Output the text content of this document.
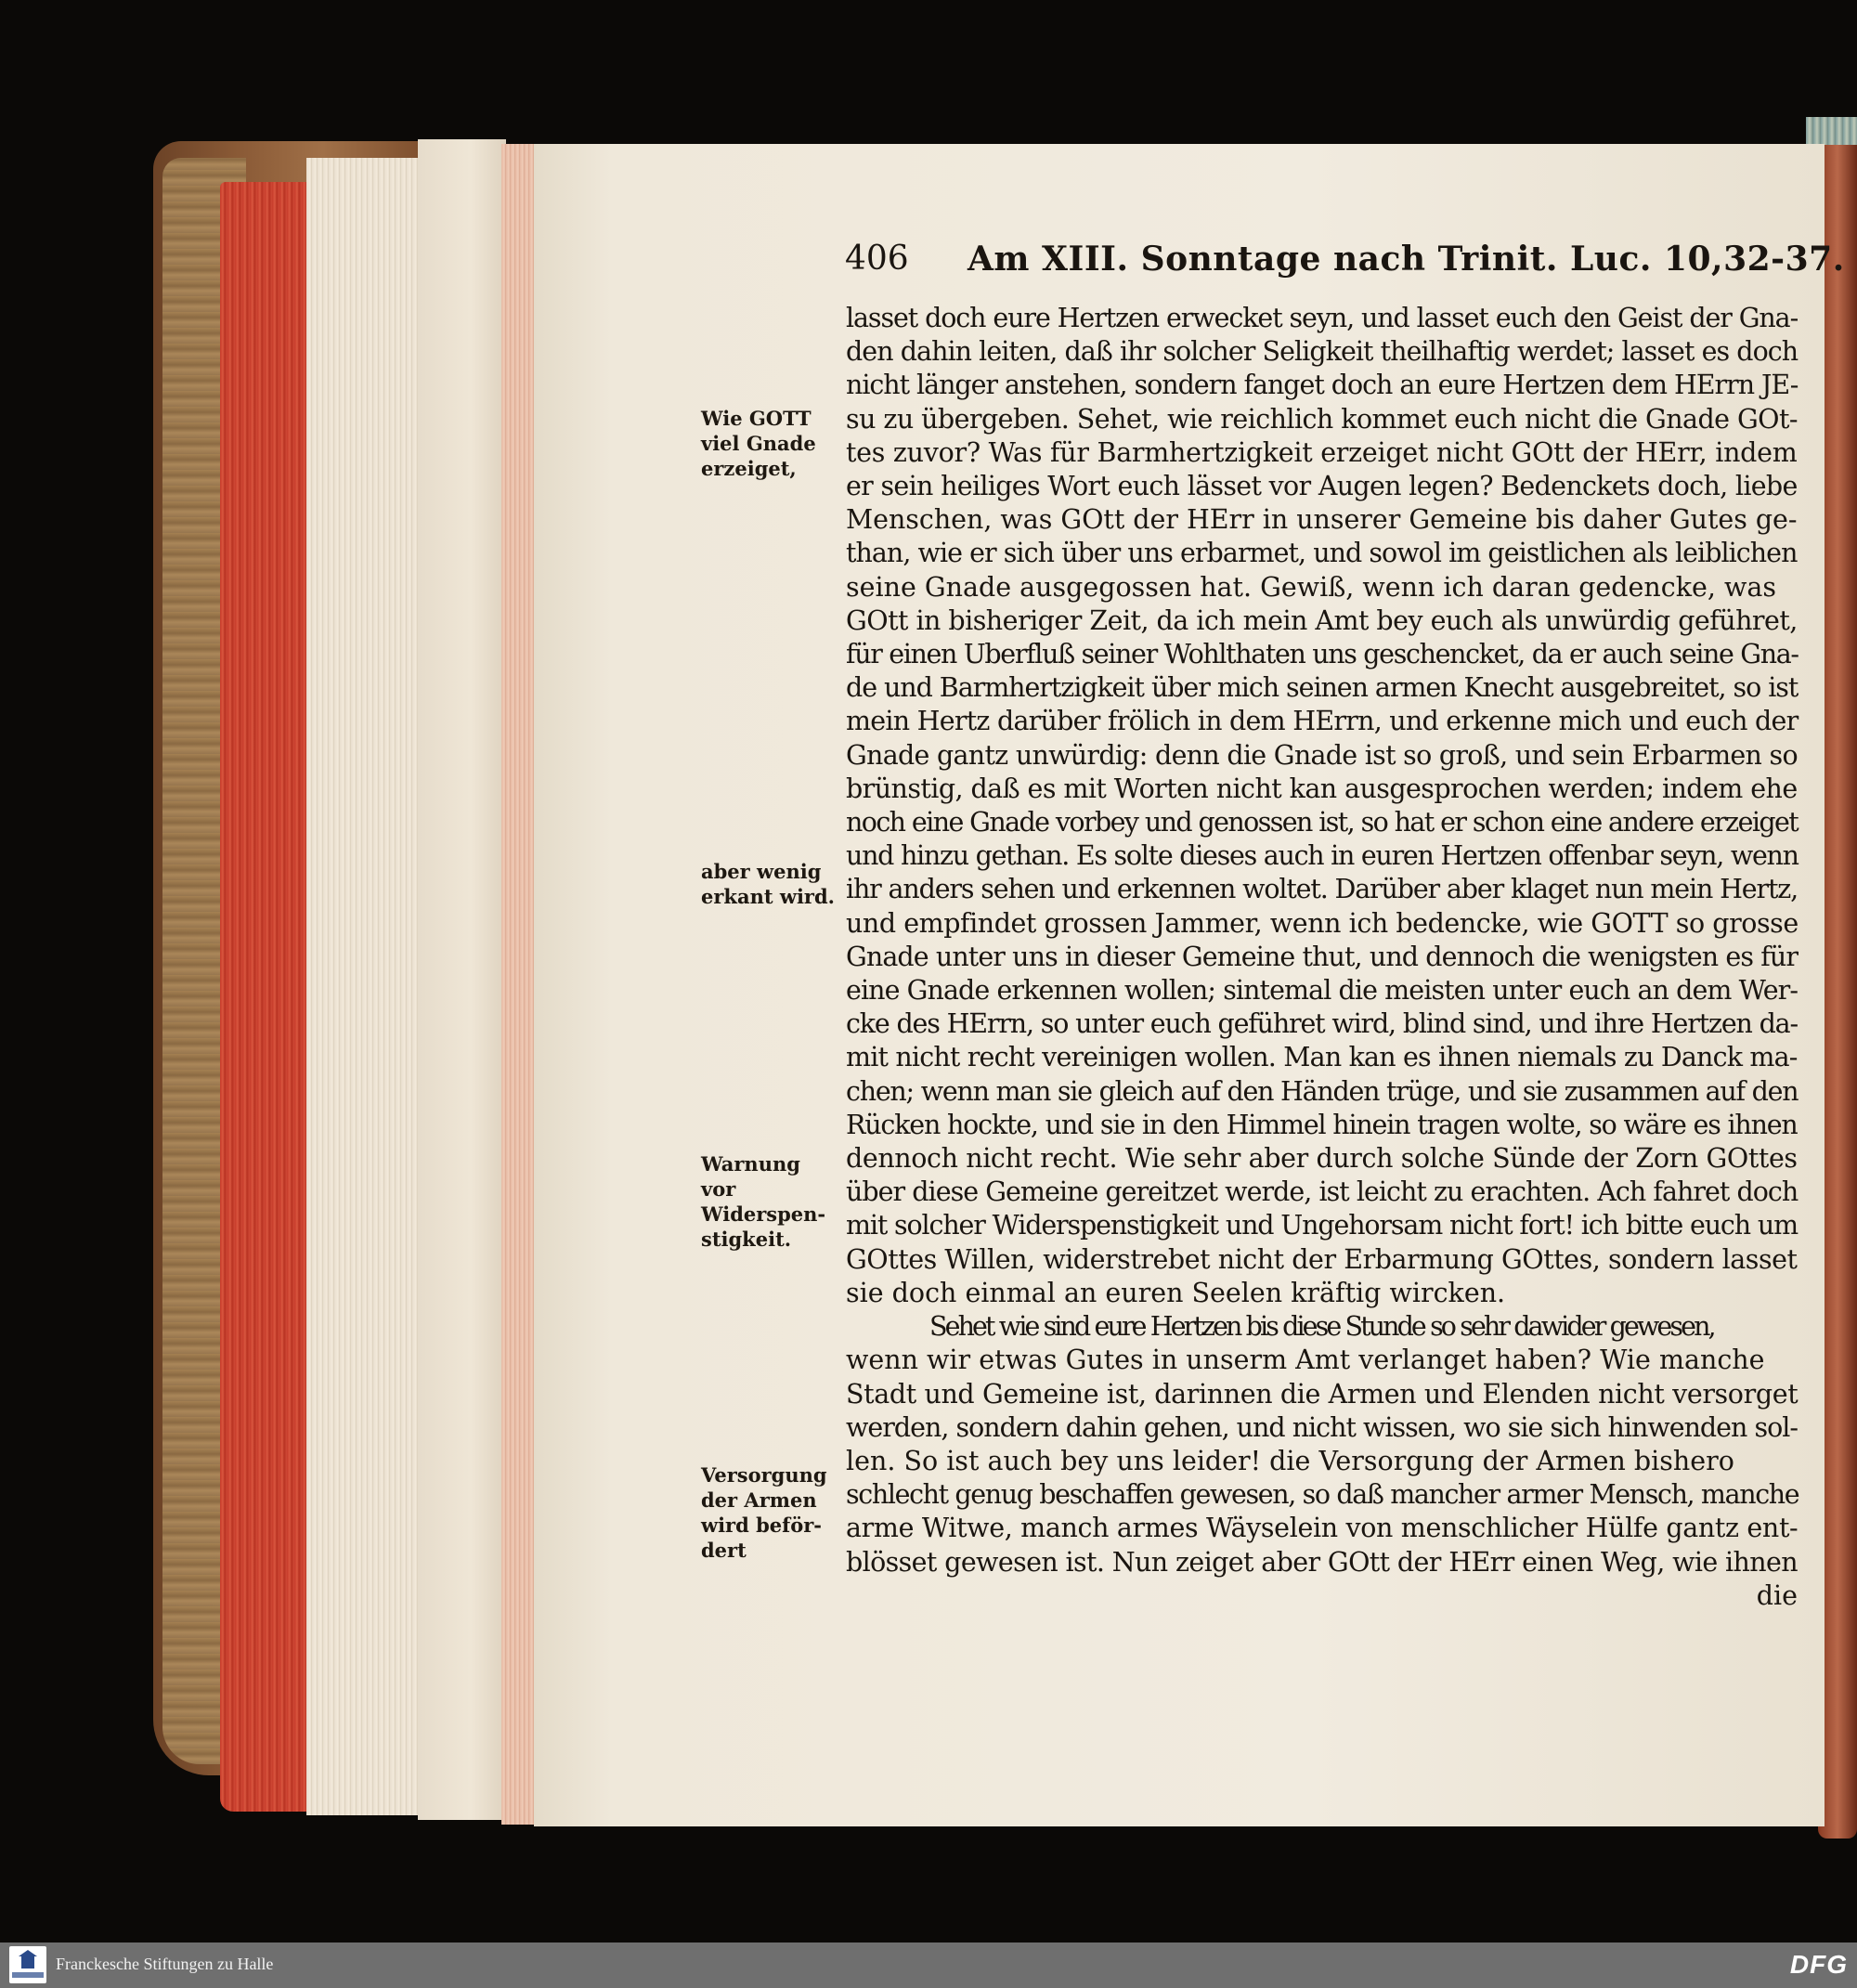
406 Am XIII. Sonntage nach Trinit. Luc. 10,32-37.
Wie GOTT
viel Gnade
erzeiget,
aber wenig
erkant wird.
Warnung vor
Widerspen-
stigkeit.
Versorgung
der Armen
wird beför-
dert
lasset doch eure Hertzen erwecket seyn, und lasset euch den Geist der Gna-
den dahin leiten, daß ihr solcher Seligkeit theilhaftig werdet; lasset es doch
nicht länger anstehen, sondern fanget doch an eure Hertzen dem HErrn JE-
su zu übergeben. Sehet, wie reichlich kommet euch nicht die Gnade GOt-
tes zuvor? Was für Barmhertzigkeit erzeiget nicht GOtt der HErr, indem
er sein heiliges Wort euch lässet vor Augen legen? Bedenckets doch, liebe
Menschen, was GOtt der HErr in unserer Gemeine bis daher Gutes ge-
than, wie er sich über uns erbarmet, und sowol im geistlichen als leiblichen
seine Gnade ausgegossen hat. Gewiß, wenn ich daran gedencke, was
GOtt in bisheriger Zeit, da ich mein Amt bey euch als unwürdig geführet,
für einen Uberfluß seiner Wohlthaten uns geschencket, da er auch seine Gna-
de und Barmhertzigkeit über mich seinen armen Knecht ausgebreitet, so ist
mein Hertz darüber frölich in dem HErrn, und erkenne mich und euch der
Gnade gantz unwürdig: denn die Gnade ist so groß, und sein Erbarmen so
brünstig, daß es mit Worten nicht kan ausgesprochen werden; indem ehe
noch eine Gnade vorbey und genossen ist, so hat er schon eine andere erzeiget
und hinzu gethan. Es solte dieses auch in euren Hertzen offenbar seyn, wenn
ihr anders sehen und erkennen woltet. Darüber aber klaget nun mein Hertz,
und empfindet grossen Jammer, wenn ich bedencke, wie GOTT so grosse
Gnade unter uns in dieser Gemeine thut, und dennoch die wenigsten es für
eine Gnade erkennen wollen; sintemal die meisten unter euch an dem Wer-
cke des HErrn, so unter euch geführet wird, blind sind, und ihre Hertzen da-
mit nicht recht vereinigen wollen. Man kan es ihnen niemals zu Danck ma-
chen; wenn man sie gleich auf den Händen trüge, und sie zusammen auf den
Rücken hockte, und sie in den Himmel hinein tragen wolte, so wäre es ihnen
dennoch nicht recht. Wie sehr aber durch solche Sünde der Zorn GOttes
über diese Gemeine gereitzet werde, ist leicht zu erachten. Ach fahret doch
mit solcher Widerspenstigkeit und Ungehorsam nicht fort! ich bitte euch um
GOttes Willen, widerstrebet nicht der Erbarmung GOttes, sondern lasset
sie doch einmal an euren Seelen kräftig wircken.
Sehet wie sind eure Hertzen bis diese Stunde so sehr dawider gewesen,
wenn wir etwas Gutes in unserm Amt verlanget haben? Wie manche
Stadt und Gemeine ist, darinnen die Armen und Elenden nicht versorget
werden, sondern dahin gehen, und nicht wissen, wo sie sich hinwenden sol-
len. So ist auch bey uns leider! die Versorgung der Armen bishero
schlecht genug beschaffen gewesen, so daß mancher armer Mensch, manche
arme Witwe, manch armes Wäyselein von menschlicher Hülfe gantz ent-
blösset gewesen ist. Nun zeiget aber GOtt der HErr einen Weg, wie ihnen
die
Franckesche Stiftungen zu Halle	DFG
